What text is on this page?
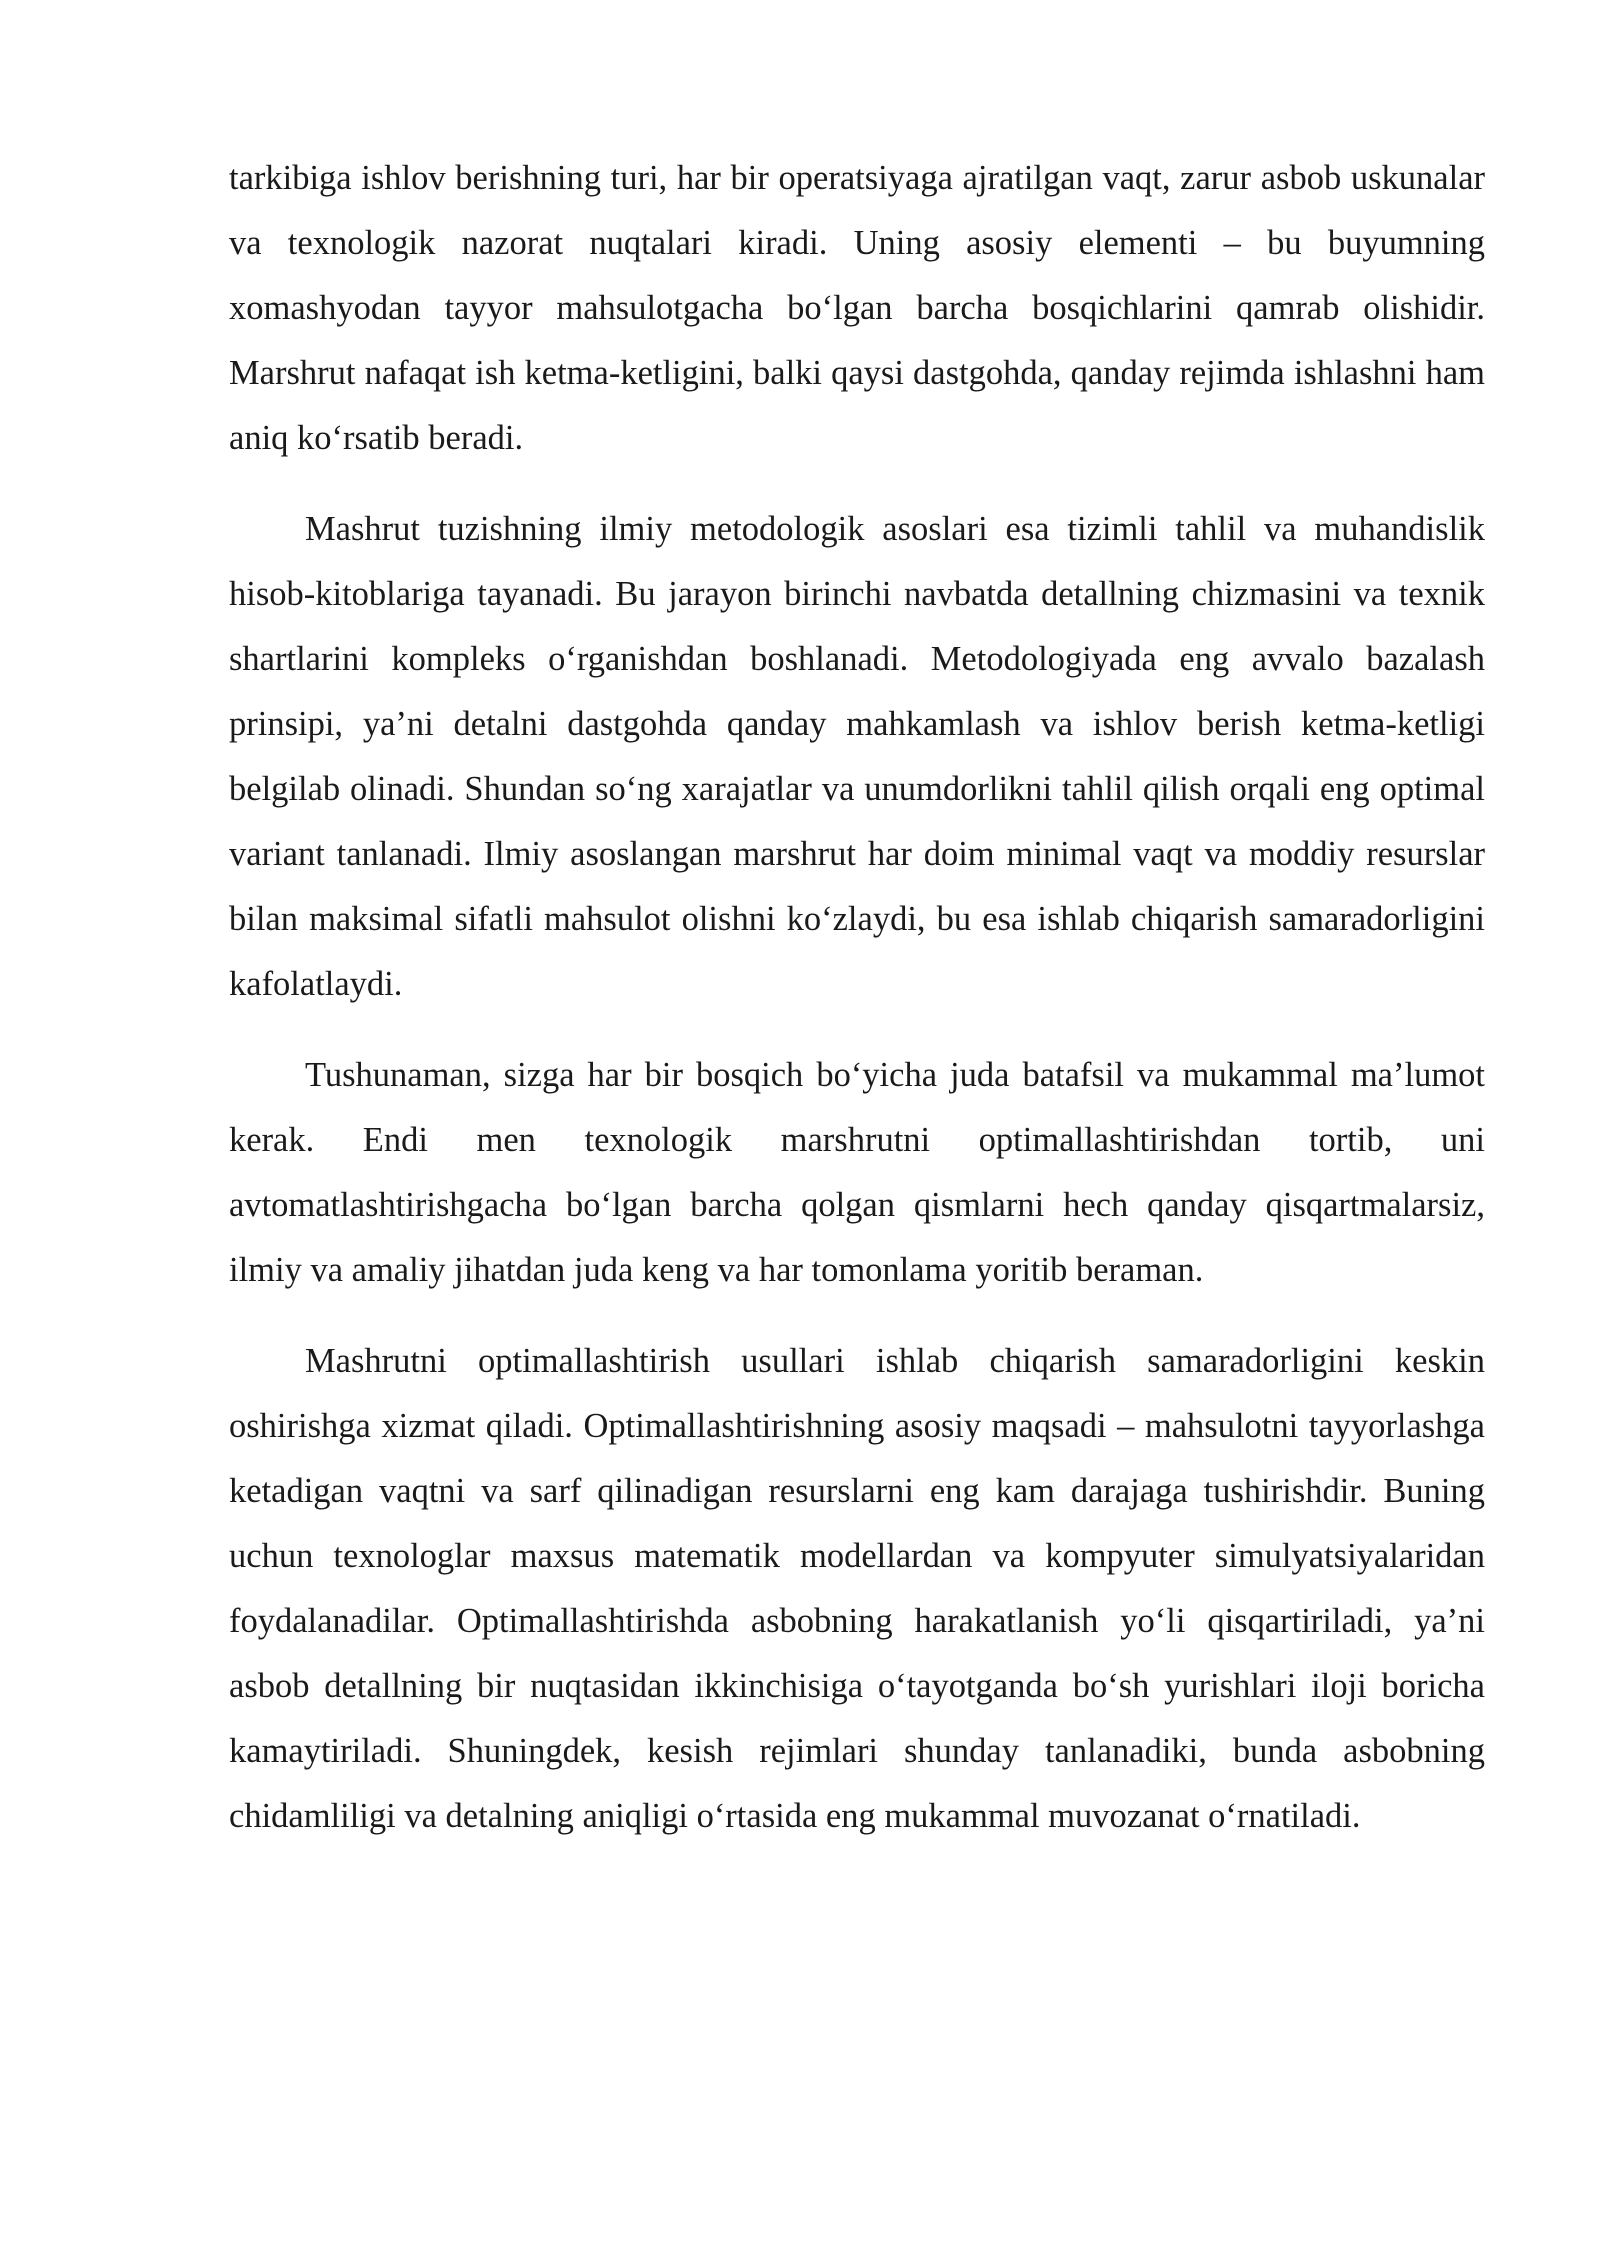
tarkibiga ishlov berishning turi, har bir operatsiyaga ajratilgan vaqt, zarur asbob uskunalar va texnologik nazorat nuqtalari kiradi. Uning asosiy elementi – bu buyumning xomashyodan tayyor mahsulotgacha bo‘lgan barcha bosqichlarini qamrab olishidir. Marshrut nafaqat ish ketma-ketligini, balki qaysi dastgohda, qanday rejimda ishlashni ham aniq ko‘rsatib beradi.

Mashrut tuzishning ilmiy metodologik asoslari esa tizimli tahlil va muhandislik hisob-kitoblariga tayanadi. Bu jarayon birinchi navbatda detallning chizmasini va texnik shartlarini kompleks o‘rganishdan boshlanadi. Metodologiyada eng avvalo bazalash prinsipi, ya’ni detalni dastgohda qanday mahkamlash va ishlov berish ketma-ketligi belgilab olinadi. Shundan so‘ng xarajatlar va unumdorlikni tahlil qilish orqali eng optimal variant tanlanadi. Ilmiy asoslangan marshrut har doim minimal vaqt va moddiy resurslar bilan maksimal sifatli mahsulot olishni ko‘zlaydi, bu esa ishlab chiqarish samaradorligini kafolatlaydi.

Tushunaman, sizga har bir bosqich bo‘yicha juda batafsil va mukammal ma’lumot kerak. Endi men texnologik marshrutni optimallashtirishdan tortib, uni avtomatlashtirishgacha bo‘lgan barcha qolgan qismlarni hech qanday qisqartmalarsiz, ilmiy va amaliy jihatdan juda keng va har tomonlama yoritib beraman.

Mashrutni optimallashtirish usullari ishlab chiqarish samaradorligini keskin oshirishga xizmat qiladi. Optimallashtirishning asosiy maqsadi – mahsulotni tayyorlashga ketadigan vaqtni va sarf qilinadigan resurslarni eng kam darajaga tushirishdir. Buning uchun texnologlar maxsus matematik modellardan va kompyuter simulyatsiyalaridan foydalanadilar. Optimallashtirishda asbobning harakatlanish yo‘li qisqartiriladi, ya’ni asbob detallning bir nuqtasidan ikkinchisiga o‘tayotganda bo‘sh yurishlari iloji boricha kamaytiriladi. Shuningdek, kesish rejimlari shunday tanlanadiki, bunda asbobning chidamliligi va detalning aniqligi o‘rtasida eng mukammal muvozanat o‘rnatiladi.
